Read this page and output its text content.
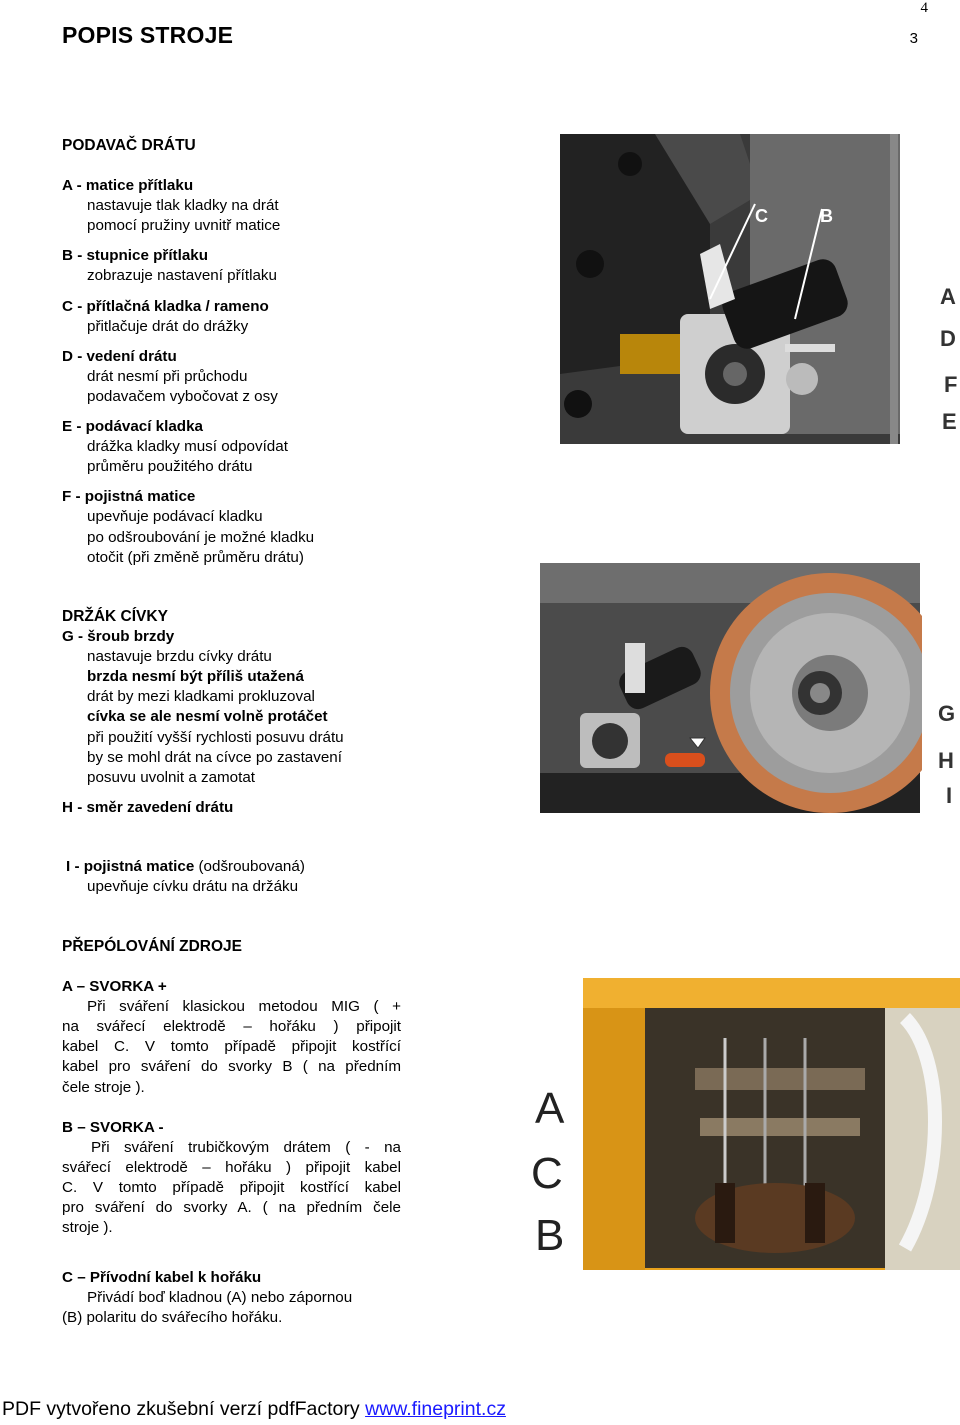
POPIS STROJE
4
3
PODAVAČ DRÁTU
A - matice přítlaku
nastavuje tlak kladky na drát
pomocí pružiny uvnitř matice
B - stupnice přítlaku
zobrazuje nastavení přítlaku
C - přítlačná kladka / rameno
přitlačuje drát do drážky
D - vedení drátu
drát nesmí při průchodu
podavačem vybočovat z osy
E - podávací kladka
drážka kladky musí odpovídat
průměru použitého drátu
F - pojistná matice
upevňuje podávací kladku
po odšroubování je možné kladku
otočit (při změně průměru drátu)
C	B
A
D
F
E
DRŽÁK CÍVKY
G - šroub brzdy
nastavuje brzdu cívky drátu
brzda nesmí být příliš utažená
drát by mezi kladkami prokluzoval
cívka se ale nesmí volně protáčet
při použití vyšší rychlosti posuvu drátu
by se mohl drát na cívce po zastavení
posuvu uvolnit a zamotat
H - směr zavedení drátu
I - pojistná matice (odšroubovaná)
upevňuje cívku drátu na držáku
G
H
I
PŘEPÓLOVÁNÍ ZDROJE
A – SVORKA +
Při sváření klasickou metodou MIG ( +
na svářecí elektrodě – hořáku ) připojit
kabel C. V tomto případě připojit kostřící
kabel pro sváření do svorky B ( na předním
čele stroje ).
B – SVORKA -
Při sváření trubičkovým drátem ( - na
svářecí elektrodě – hořáku ) připojit kabel
C. V tomto případě připojit kostřící kabel
pro sváření do svorky A. ( na předním čele
stroje ).
C – Přívodní kabel k hořáku
Přivádí boď kladnou (A) nebo zápornou
(B) polaritu do svářecího hořáku.
A
C
B
PDF vytvořeno zkušební verzí pdfFactory www.fineprint.cz
